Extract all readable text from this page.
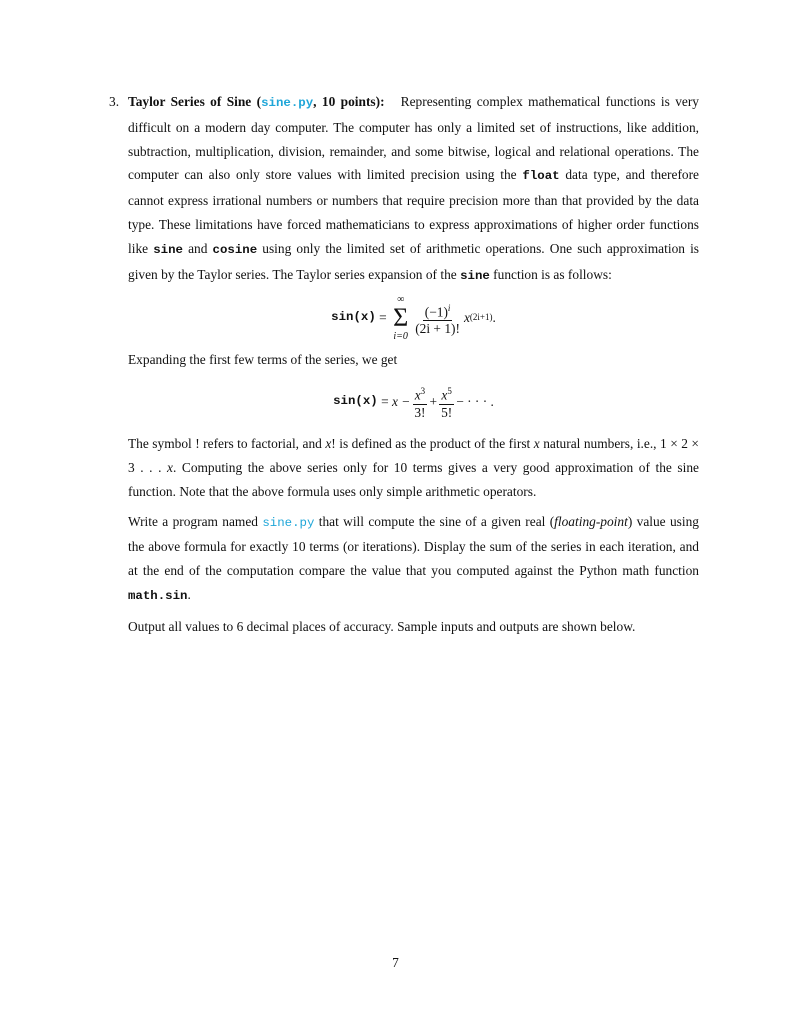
3. Taylor Series of Sine (sine.py, 10 points): Representing complex mathematical functions is very difficult on a modern day computer. The computer has only a limited set of instructions, like addition, subtraction, multiplication, division, remainder, and some bitwise, logical and relational operations. The computer can also only store values with limited precision using the float data type, and therefore cannot express irrational numbers or numbers that require precision more than that provided by the data type. These limitations have forced mathematicians to express approximations of higher order functions like sine and cosine using only the limited set of arithmetic operations. One such approximation is given by the Taylor series. The Taylor series expansion of the sine function is as follows:
sin(x)
=

∞
Σ
$i=0 \frac{(-1)^i}{(2i + 1)!}$ x (2i+1) .

Expanding the first few terms of the series, we get

sin(x)
=
$x - \frac{x^3}{3!} + \frac{x^5}{5!}$ − · · · .

The symbol ! refers to factorial, and x! is defined as the product of the first x natural numbers, i.e., 1 × 2 × 3 . . . x. Computing the above series only for 10 terms gives a very good approximation of the sine function. Note that the above formula uses only simple arithmetic operators.

Write a program named sine.py that will compute the sine of a given real (floating-point) value using the above formula for exactly 10 terms (or iterations). Display the sum of the series in each iteration, and at the end of the computation compare the value that you computed against the Python math function math.sin.

Output all values to 6 decimal places of accuracy. Sample inputs and outputs are shown below.

7
